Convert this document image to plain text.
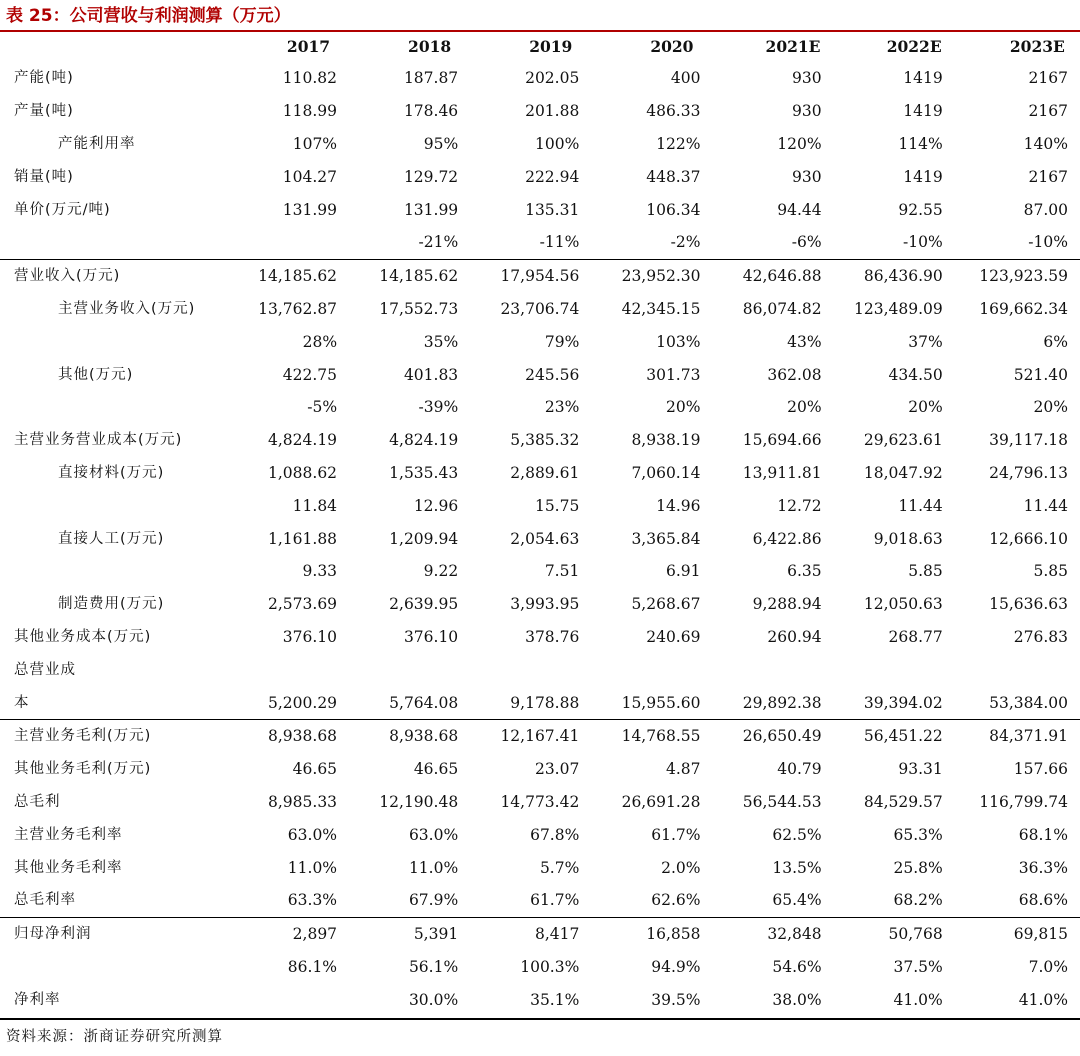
表 25：公司营收与利润测算（万元）
	2017	2018	2019	2020	2021E	2022E	2023E
产能(吨)	110.82	187.87	202.05	400	930	1419	2167
产量(吨)	118.99	178.46	201.88	486.33	930	1419	2167
产能利用率	107%	95%	100%	122%	120%	114%	140%
销量(吨)	104.27	129.72	222.94	448.37	930	1419	2167
单价(万元/吨)	131.99	131.99	135.31	106.34	94.44	92.55	87.00
		-21%	-11%	-2%	-6%	-10%	-10%
营业收入(万元)	14,185.62	14,185.62	17,954.56	23,952.30	42,646.88	86,436.90	123,923.59
主营业务收入(万元)	13,762.87	17,552.73	23,706.74	42,345.15	86,074.82	123,489.09	169,662.34
	28%	35%	79%	103%	43%	37%	6%
其他(万元)	422.75	401.83	245.56	301.73	362.08	434.50	521.40
	-5%	-39%	23%	20%	20%	20%	20%
主营业务营业成本(万元)	4,824.19	4,824.19	5,385.32	8,938.19	15,694.66	29,623.61	39,117.18
直接材料(万元)	1,088.62	1,535.43	2,889.61	7,060.14	13,911.81	18,047.92	24,796.13
	11.84	12.96	15.75	14.96	12.72	11.44	11.44
直接人工(万元)	1,161.88	1,209.94	2,054.63	3,365.84	6,422.86	9,018.63	12,666.10
	9.33	9.22	7.51	6.91	6.35	5.85	5.85
制造费用(万元)	2,573.69	2,639.95	3,993.95	5,268.67	9,288.94	12,050.63	15,636.63
其他业务成本(万元)	376.10	376.10	378.76	240.69	260.94	268.77	276.83
总营业成							
本	5,200.29	5,764.08	9,178.88	15,955.60	29,892.38	39,394.02	53,384.00
主营业务毛利(万元)	8,938.68	8,938.68	12,167.41	14,768.55	26,650.49	56,451.22	84,371.91
其他业务毛利(万元)	46.65	46.65	23.07	4.87	40.79	93.31	157.66
总毛利	8,985.33	12,190.48	14,773.42	26,691.28	56,544.53	84,529.57	116,799.74
主营业务毛利率	63.0%	63.0%	67.8%	61.7%	62.5%	65.3%	68.1%
其他业务毛利率	11.0%	11.0%	5.7%	2.0%	13.5%	25.8%	36.3%
总毛利率	63.3%	67.9%	61.7%	62.6%	65.4%	68.2%	68.6%
归母净利润	2,897	5,391	8,417	16,858	32,848	50,768	69,815
	86.1%	56.1%	100.3%	94.9%	54.6%	37.5%	7.0%
净利率		30.0%	35.1%	39.5%	38.0%	41.0%	41.0%
资料来源：浙商证券研究所测算
